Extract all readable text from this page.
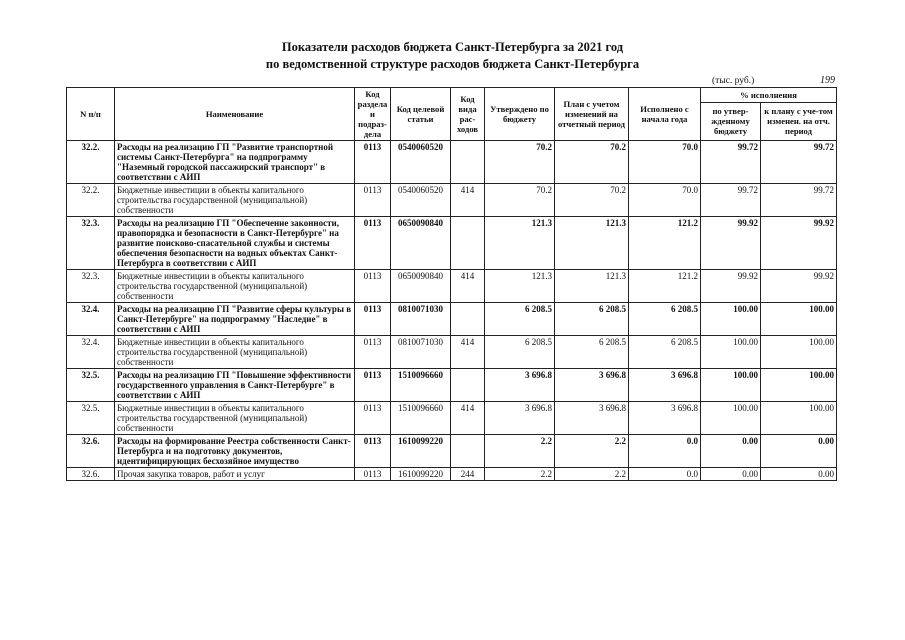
Показатели расходов бюджета Санкт-Петербурга за 2021 год
по ведомственной структуре расходов бюджета Санкт-Петербурга
(тыс. руб.)	199
N п/п	Наименование	Код раздела и подраз-дела	Код целевой статьи	Код вида рас-ходов	Утверждено по бюджету	План с учетом изменений на отчетный период	Исполнено с начала года	% исполнения	
								по утвер-жденному бюджету	к плану с уче-том изменен. на отч. период
32.2.	Расходы на реализацию ГП "Развитие транспортной системы Санкт-Петербурга" на подпрограмму "Наземный городской пассажирский транспорт" в соответствии с АИП	0113	0540060520		70.2	70.2	70.0	99.72	99.72
32.2.	Бюджетные инвестиции в объекты капитального строительства государственной (муниципальной) собственности	0113	0540060520	414	70.2	70.2	70.0	99.72	99.72
32.3.	Расходы на реализацию ГП "Обеспечение законности, правопорядка и безопасности в Санкт-Петербурге" на развитие поисково-спасательной службы и системы обеспечения безопасности на водных объектах Санкт-Петербурга в соответствии с АИП	0113	0650090840		121.3	121.3	121.2	99.92	99.92
32.3.	Бюджетные инвестиции в объекты капитального строительства государственной (муниципальной) собственности	0113	0650090840	414	121.3	121.3	121.2	99.92	99.92
32.4.	Расходы на реализацию ГП "Развитие сферы культуры в Санкт-Петербурге" на подпрограмму "Наследие" в соответствии с АИП	0113	0810071030		6 208.5	6 208.5	6 208.5	100.00	100.00
32.4.	Бюджетные инвестиции в объекты капитального строительства государственной (муниципальной) собственности	0113	0810071030	414	6 208.5	6 208.5	6 208.5	100.00	100.00
32.5.	Расходы на реализацию ГП "Повышение эффективности государственного управления в Санкт-Петербурге" в соответствии с АИП	0113	1510096660		3 696.8	3 696.8	3 696.8	100.00	100.00
32.5.	Бюджетные инвестиции в объекты капитального строительства государственной (муниципальной) собственности	0113	1510096660	414	3 696.8	3 696.8	3 696.8	100.00	100.00
32.6.	Расходы на формирование Реестра собственности Санкт-Петербурга и на подготовку документов, идентифицирующих бесхозяйное имущество	0113	1610099220		2.2	2.2	0.0	0.00	0.00
32.6.	Прочая закупка товаров, работ и услуг	0113	1610099220	244	2.2	2.2	0.0	0.00	0.00
